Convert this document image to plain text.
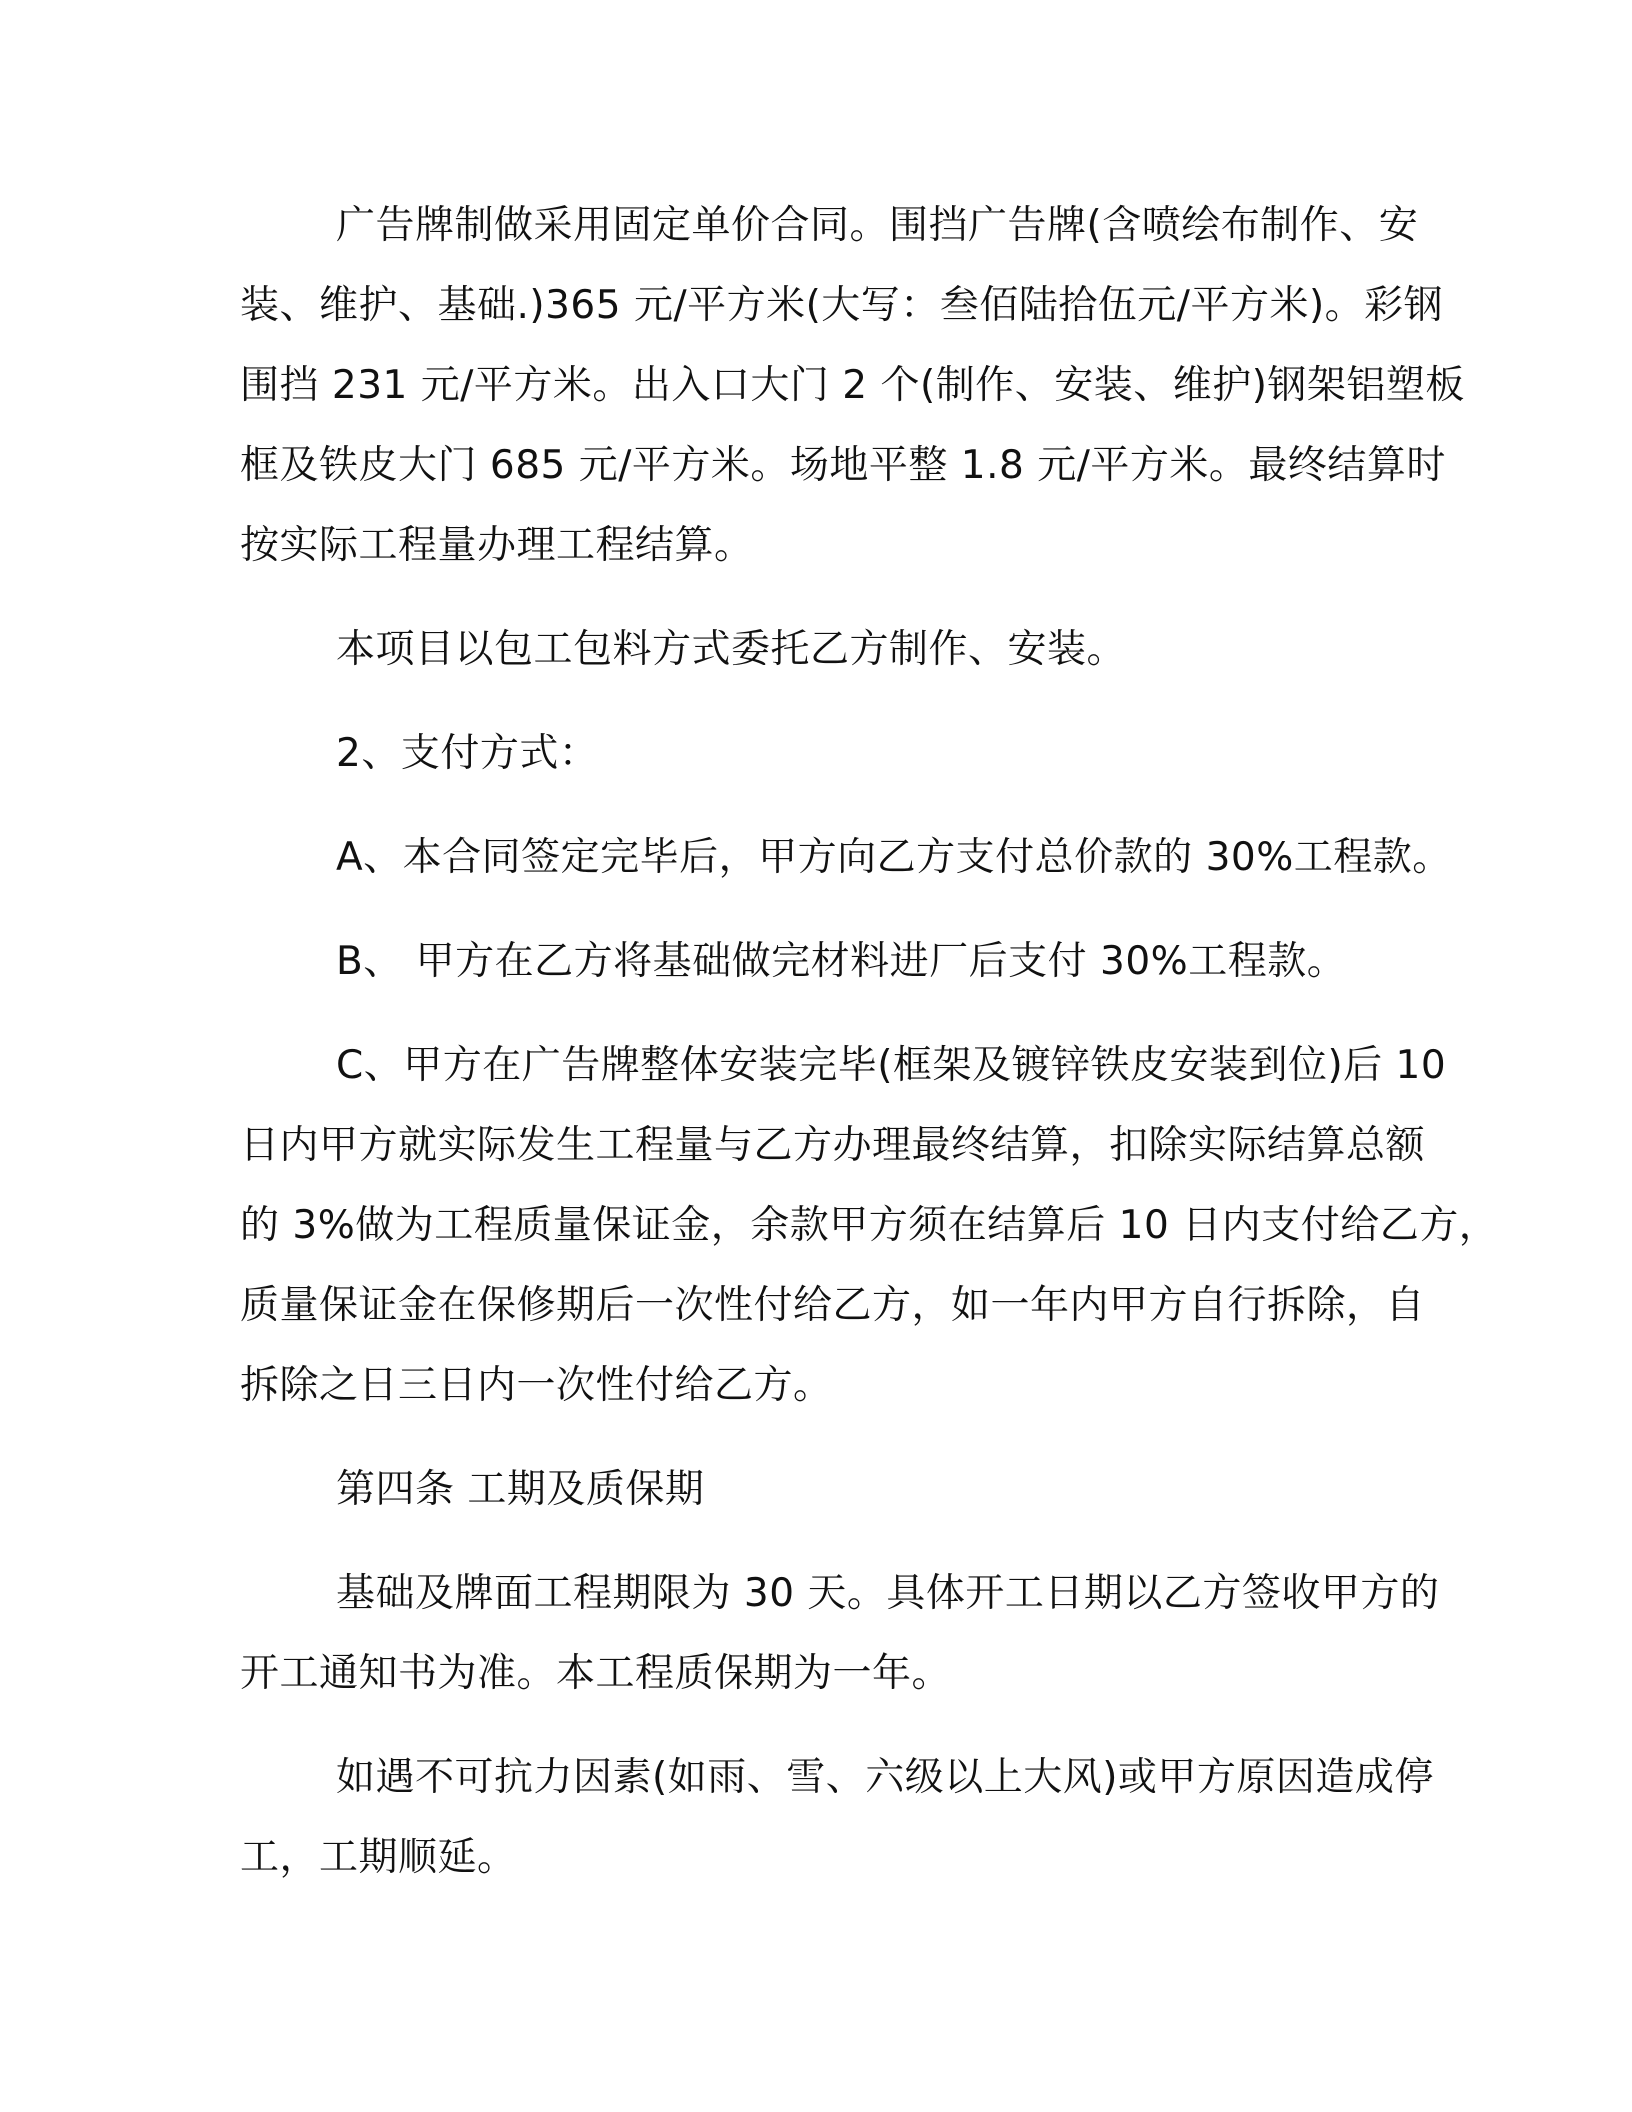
广告牌制做采用固定单价合同。围挡广告牌(含喷绘布制作、安
装、维护、基础.)365 元/平方米(大写：叁佰陆拾伍元/平方米)。彩钢
围挡 231 元/平方米。出入口大门 2 个(制作、安装、维护)钢架铝塑板
框及铁皮大门 685 元/平方米。场地平整 1.8 元/平方米。最终结算时
按实际工程量办理工程结算。

本项目以包工包料方式委托乙方制作、安装。

2、支付方式：

A、本合同签定完毕后，甲方向乙方支付总价款的 30%工程款。

B、 甲方在乙方将基础做完材料进厂后支付 30%工程款。

C、甲方在广告牌整体安装完毕(框架及镀锌铁皮安装到位)后 10
日内甲方就实际发生工程量与乙方办理最终结算，扣除实际结算总额
的 3%做为工程质量保证金，余款甲方须在结算后 10 日内支付给乙方，
质量保证金在保修期后一次性付给乙方，如一年内甲方自行拆除，自
拆除之日三日内一次性付给乙方。

第四条 工期及质保期

基础及牌面工程期限为 30 天。具体开工日期以乙方签收甲方的
开工通知书为准。本工程质保期为一年。

如遇不可抗力因素(如雨、雪、六级以上大风)或甲方原因造成停
工，工期顺延。
